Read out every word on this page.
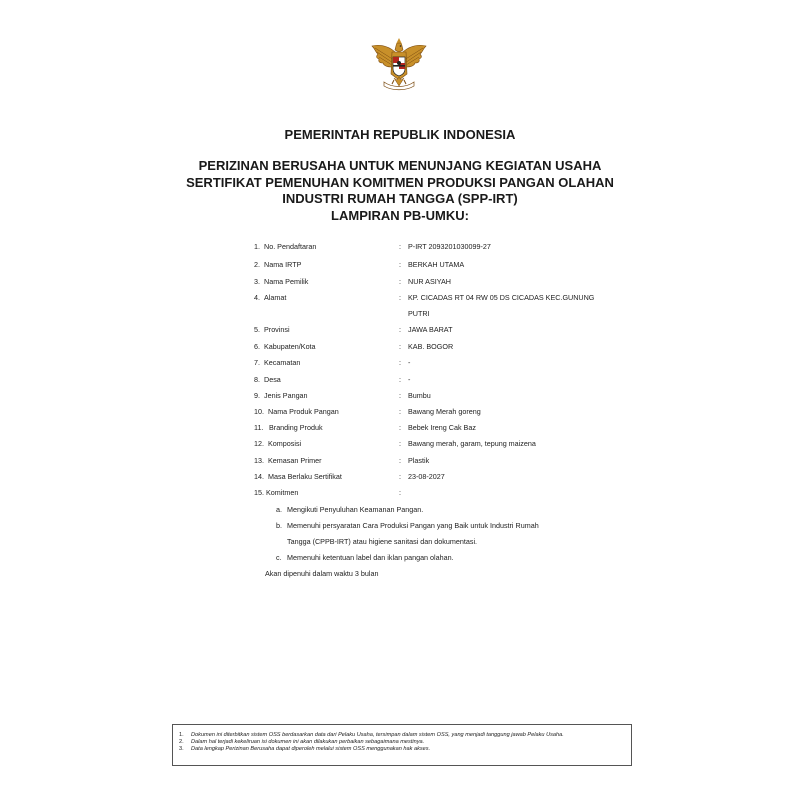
PEMERINTAH REPUBLIK INDONESIA
PERIZINAN BERUSAHA UNTUK MENUNJANG KEGIATAN USAHA
SERTIFIKAT PEMENUHAN KOMITMEN PRODUKSI PANGAN OLAHAN
INDUSTRI RUMAH TANGGA (SPP-IRT)
LAMPIRAN PB-UMKU:
1. No. Pendaftaran	: P-IRT 2093201030099-27
2. Nama IRTP	: BERKAH UTAMA
3. Nama Pemilik	: NUR ASIYAH
4. Alamat	: KP. CICADAS RT 04 RW 05 DS CICADAS KEC.GUNUNG
PUTRI
5. Provinsi	: JAWA BARAT
6. Kabupaten/Kota	: KAB. BOGOR
7. Kecamatan	: -
8. Desa	: -
9. Jenis Pangan	: Bumbu
10. Nama Produk Pangan	: Bawang Merah goreng
11. Branding Produk	: Bebek Ireng Cak Baz
12. Komposisi	: Bawang merah, garam, tepung maizena
13. Kemasan Primer	: Plastik
14. Masa Berlaku Sertifikat	: 23-08-2027
15. Komitmen	:
a. Mengikuti Penyuluhan Keamanan Pangan.
b. Memenuhi persyaratan Cara Produksi Pangan yang Baik untuk Industri Rumah
Tangga (CPPB-IRT) atau higiene sanitasi dan dokumentasi.
c. Memenuhi ketentuan label dan iklan pangan olahan.
Akan dipenuhi dalam waktu 3 bulan
1. Dokumen ini diterbitkan sistem OSS berdasarkan data dari Pelaku Usaha, tersimpan dalam sistem OSS, yang menjadi tanggung jawab Pelaku Usaha.
2. Dalam hal terjadi kekeliruan isi dokumen ini akan dilakukan perbaikan sebagaimana mestinya.
3. Data lengkap Perizinan Berusaha dapat diperoleh melalui sistem OSS menggunakan hak akses.
